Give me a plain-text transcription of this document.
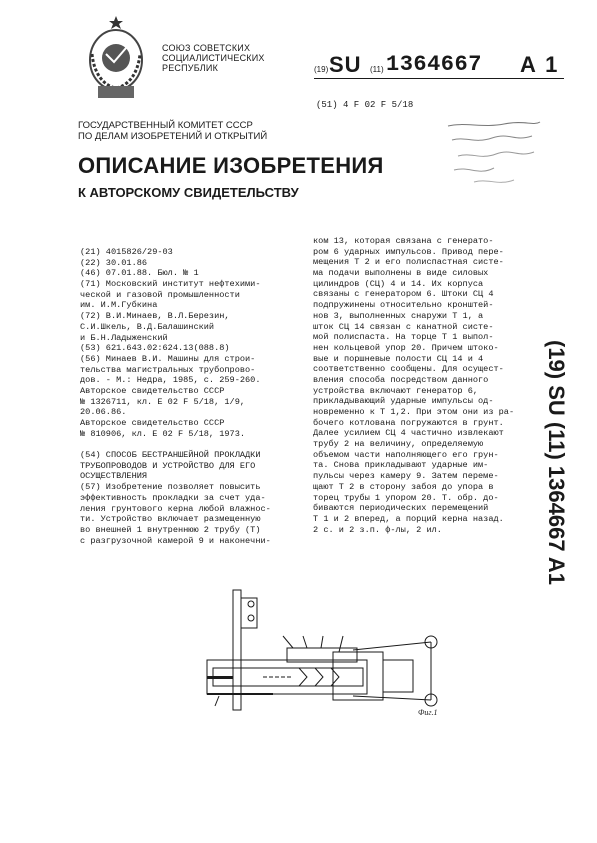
СОЮЗ СОВЕТСКИХ
СОЦИАЛИСТИЧЕСКИХ
РЕСПУБЛИК	(19) SU (11) 1364667 A 1
(51) 4 F 02 F 5/18
ГОСУДАРСТВЕННЫЙ КОМИТЕТ СССР
ПО ДЕЛАМ ИЗОБРЕТЕНИЙ И ОТКРЫТИЙ
ОПИСАНИЕ ИЗОБРЕТЕНИЯ
К АВТОРСКОМУ СВИДЕТЕЛЬСТВУ
(21) 4015826/29-03
(22) 30.01.86
(46) 07.01.88. Бюл. № 1
(71) Московский институт нефтехими-
ческой и газовой промышленности
им. И.М.Губкина
(72) В.И.Минаев, В.Л.Березин,
С.И.Шкель, В.Д.Балашинский
и Б.Н.Ладыженский
(53) 621.643.02:624.13(088.8)
(56) Минаев В.И. Машины для строи-
тельства магистральных трубопрово-
дов. - М.: Недра, 1985, с. 259-260.
Авторское свидетельство СССР
№ 1326711, кл. E 02 F 5/18, 1/9,
20.06.86.
Авторское свидетельство СССР
№ 810906, кл. E 02 F 5/18, 1973.
(54) СПОСОБ БЕСТРАНШЕЙНОЙ ПРОКЛАДКИ
ТРУБОПРОВОДОВ И УСТРОЙСТВО ДЛЯ ЕГО
ОСУЩЕСТВЛЕНИЯ
(57) Изобретение позволяет повысить
эффективность прокладки за счет уда-
ления грунтового керна любой влажнос-
ти. Устройство включает размещенную
во внешней 1 внутреннюю 2 трубу (Т)
с разгрузочной камерой 9 и наконечни-
ком 13, которая связана с генерато-
ром 6 ударных импульсов. Привод пере-
мещения Т 2 и его полиспастная систе-
ма подачи выполнены в виде силовых
цилиндров (СЦ) 4 и 14. Их корпуса
связаны с генератором 6. Штоки СЦ 4
подпружинены относительно кронштей-
нов 3, выполненных снаружи Т 1, а
шток СЦ 14 связан с канатной систе-
мой полиспаста. На торце Т 1 выпол-
нен кольцевой упор 20. Причем штоко-
вые и поршневые полости СЦ 14 и 4
соответственно сообщены. Для осущест-
вления способа посредством данного
устройства включают генератор 6,
прикладывающий ударные импульсы од-
новременно к Т 1,2. При этом они из ра-
бочего котлована погружаются в грунт.
Далее усилием СЦ 4 частично извлекают
трубу 2 на величину, определяемую
объемом части наполняющего его грун-
та. Снова прикладывают ударные им-
пульсы через камеру 9. Затем переме-
щают Т 2 в сторону забоя до упора в
торец трубы 1 упором 20. Т. обр. до-
биваются периодических перемещений
Т 1 и 2 вперед, а порций керна назад.
2 с. и 2 з.п. ф-лы, 2 ил.	(19) SU (11) 1364667 A1
Фиг.1
